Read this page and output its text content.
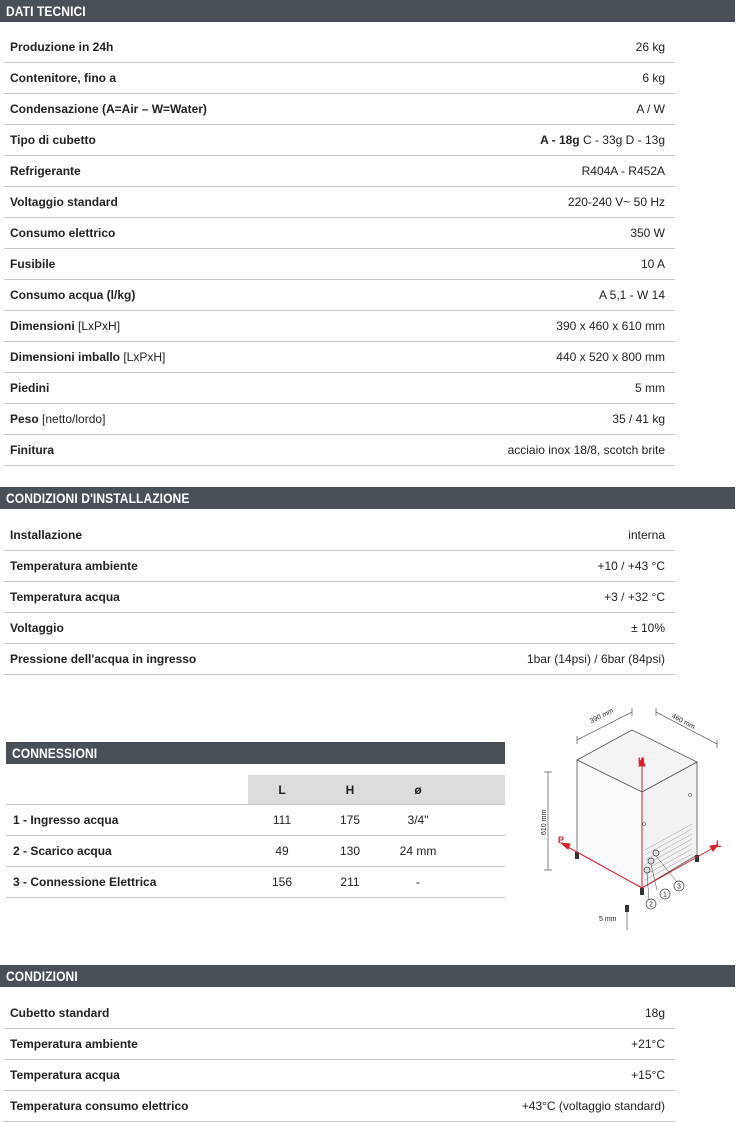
DATI TECNICI
Produzione in 24h	26 kg
Contenitore, fino a	6 kg
Condensazione (A=Air – W=Water)	A / W
Tipo di cubetto	A - 18g C - 33g D - 13g
Refrigerante	R404A - R452A
Voltaggio standard	220-240 V~ 50 Hz
Consumo elettrico	350 W
Fusibile	10 A
Consumo acqua (l/kg)	A 5,1 - W 14
Dimensioni [LxPxH]	390 x 460 x 610 mm
Dimensioni imballo [LxPxH]	440 x 520 x 800 mm
Piedini	5 mm
Peso [netto/lordo]	35 / 41 kg
Finitura	acciaio inox 18/8, scotch brite
CONDIZIONI D'INSTALLAZIONE
Installazione	interna
Temperatura ambiente	+10 / +43 °C
Temperatura acqua	+3 / +32 °C
Voltaggio	± 10%
Pressione dell'acqua in ingresso	1bar (14psi) / 6bar (84psi)
CONNESSIONI
L	H	ø
1 - Ingresso acqua	111	175	3/4"
2 - Scarico acqua	49	130	24 mm
3 - Connessione Elettrica	156	211	-
1
2
3
H
P	L
390 mm	460 mm
610 mm
5 mm
CONDIZIONI
Cubetto standard	18g
Temperatura ambiente	+21°C
Temperatura acqua	+15°C
Temperatura consumo elettrico	+43°C (voltaggio standard)
